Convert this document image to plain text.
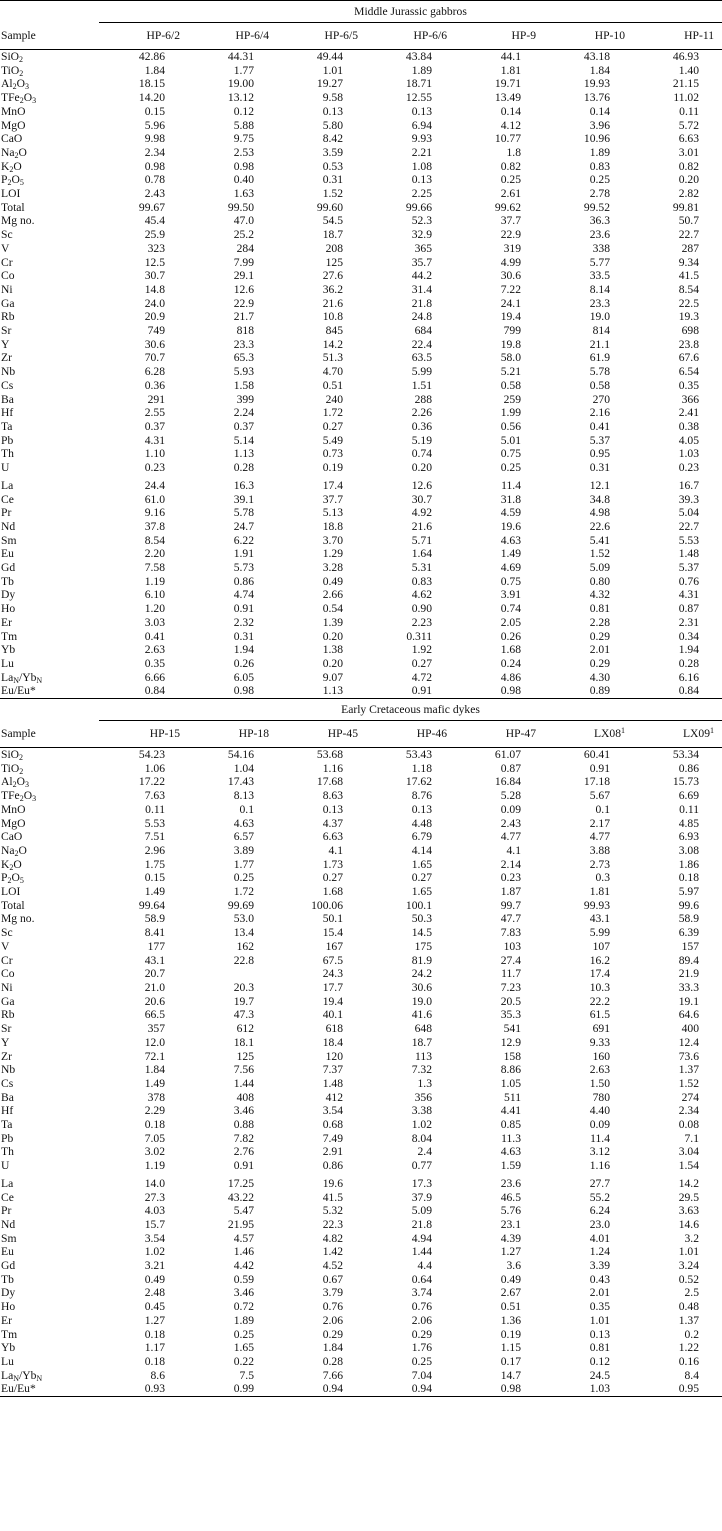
	Middle Jurassic gabbros						
Sample	HP-6/2	HP-6/4	HP-6/5	HP-6/6	HP-9	HP-10	HP-11
SiO$_2$	42.86	44.31	49.44	43.84	44.1	43.18	46.93
TiO$_2$	1.84	1.77	1.01	1.89	1.81	1.84	1.40
$Al_2O_3$	18.15	19.00	19.27	18.71	19.71	19.93	21.15
$TFe_2O_3$	14.20	13.12	9.58	12.55	13.49	13.76	11.02
MnO	0.15	0.12	0.13	0.13	0.14	0.14	0.11
MgO	5.96	5.88	5.80	6.94	4.12	3.96	5.72
CaO	9.98	9.75	8.42	9.93	10.77	10.96	6.63
$Na_2O$	2.34	2.53	3.59	2.21	1.8	1.89	3.01
$K_2O$	0.98	0.98	0.53	1.08	0.82	0.83	0.82
$P_2O_5$	0.78	0.40	0.31	0.13	0.25	0.25	0.20
LOI	2.43	1.63	1.52	2.25	2.61	2.78	2.82
Total	99.67	99.50	99.60	99.66	99.62	99.52	99.81
Mg no.	45.4	47.0	54.5	52.3	37.7	36.3	50.7
Sc	25.9	25.2	18.7	32.9	22.9	23.6	22.7
V	323	284	208	365	319	338	287
Cr	12.5	7.99	125	35.7	4.99	5.77	9.34
Co	30.7	29.1	27.6	44.2	30.6	33.5	41.5
Ni	14.8	12.6	36.2	31.4	7.22	8.14	8.54
Ga	24.0	22.9	21.6	21.8	24.1	23.3	22.5
Rb	20.9	21.7	10.8	24.8	19.4	19.0	19.3
Sr	749	818	845	684	799	814	698
Y	30.6	23.3	14.2	22.4	19.8	21.1	23.8
Zr	70.7	65.3	51.3	63.5	58.0	61.9	67.6
Nb	6.28	5.93	4.70	5.99	5.21	5.78	6.54
Cs	0.36	1.58	0.51	1.51	0.58	0.58	0.35
Ba	291	399	240	288	259	270	366
Hf	2.55	2.24	1.72	2.26	1.99	2.16	2.41
Ta	0.37	0.37	0.27	0.36	0.56	0.41	0.38
Pb	4.31	5.14	5.49	5.19	5.01	5.37	4.05
Th	1.10	1.13	0.73	0.74	0.75	0.95	1.03
U	0.23	0.28	0.19	0.20	0.25	0.31	0.23

La	24.4	16.3	17.4	12.6	11.4	12.1	16.7
Ce	61.0	39.1	37.7	30.7	31.8	34.8	39.3
Pr	9.16	5.78	5.13	4.92	4.59	4.98	5.04
Nd	37.8	24.7	18.8	21.6	19.6	22.6	22.7
Sm	8.54	6.22	3.70	5.71	4.63	5.41	5.53
Eu	2.20	1.91	1.29	1.64	1.49	1.52	1.48
Gd	7.58	5.73	3.28	5.31	4.69	5.09	5.37
Tb	1.19	0.86	0.49	0.83	0.75	0.80	0.76
Dy	6.10	4.74	2.66	4.62	3.91	4.32	4.31
Ho	1.20	0.91	0.54	0.90	0.74	0.81	0.87
Er	3.03	2.32	1.39	2.23	2.05	2.28	2.31
Tm	0.41	0.31	0.20	0.311	0.26	0.29	0.34
Yb	2.63	1.94	1.38	1.92	1.68	2.01	1.94
Lu	0.35	0.26	0.20	0.27	0.24	0.29	0.28
$La_N/Yb_N$	6.66	6.05	9.07	4.72	4.86	4.30	6.16
Eu/Eu*	0.84	0.98	1.13	0.91	0.98	0.89	0.84
	Early Cretaceous mafic dykes						
Sample	HP-15	HP-18	HP-45	HP-46	HP-47	$LX08^1$	$LX09^1$
SiO$_2$	54.23	54.16	53.68	53.43	61.07	60.41	53.34
TiO$_2$	1.06	1.04	1.16	1.18	0.87	0.91	0.86
$Al_2O_3$	17.22	17.43	17.68	17.62	16.84	17.18	15.73
$TFe_2O_3$	7.63	8.13	8.63	8.76	5.28	5.67	6.69
MnO	0.11	0.1	0.13	0.13	0.09	0.1	0.11
MgO	5.53	4.63	4.37	4.48	2.43	2.17	4.85
CaO	7.51	6.57	6.63	6.79	4.77	4.77	6.93
$Na_2O$	2.96	3.89	4.1	4.14	4.1	3.88	3.08
$K_2O$	1.75	1.77	1.73	1.65	2.14	2.73	1.86
$P_2O_5$	0.15	0.25	0.27	0.27	0.23	0.3	0.18
LOI	1.49	1.72	1.68	1.65	1.87	1.81	5.97
Total	99.64	99.69	100.06	100.1	99.7	99.93	99.6
Mg no.	58.9	53.0	50.1	50.3	47.7	43.1	58.9
Sc	8.41	13.4	15.4	14.5	7.83	5.99	6.39
V	177	162	167	175	103	107	157
Cr	43.1	22.8	67.5	81.9	27.4	16.2	89.4
Co	20.7		24.3	24.2	11.7	17.4	21.9
Ni	21.0	20.3	17.7	30.6	7.23	10.3	33.3
Ga	20.6	19.7	19.4	19.0	20.5	22.2	19.1
Rb	66.5	47.3	40.1	41.6	35.3	61.5	64.6
Sr	357	612	618	648	541	691	400
Y	12.0	18.1	18.4	18.7	12.9	9.33	12.4
Zr	72.1	125	120	113	158	160	73.6
Nb	1.84	7.56	7.37	7.32	8.86	2.63	1.37
Cs	1.49	1.44	1.48	1.3	1.05	1.50	1.52
Ba	378	408	412	356	511	780	274
Hf	2.29	3.46	3.54	3.38	4.41	4.40	2.34
Ta	0.18	0.88	0.68	1.02	0.85	0.09	0.08
Pb	7.05	7.82	7.49	8.04	11.3	11.4	7.1
Th	3.02	2.76	2.91	2.4	4.63	3.12	3.04
U	1.19	0.91	0.86	0.77	1.59	1.16	1.54

La	14.0	17.25	19.6	17.3	23.6	27.7	14.2
Ce	27.3	43.22	41.5	37.9	46.5	55.2	29.5
Pr	4.03	5.47	5.32	5.09	5.76	6.24	3.63
Nd	15.7	21.95	22.3	21.8	23.1	23.0	14.6
Sm	3.54	4.57	4.82	4.94	4.39	4.01	3.2
Eu	1.02	1.46	1.42	1.44	1.27	1.24	1.01
Gd	3.21	4.42	4.52	4.4	3.6	3.39	3.24
Tb	0.49	0.59	0.67	0.64	0.49	0.43	0.52
Dy	2.48	3.46	3.79	3.74	2.67	2.01	2.5
Ho	0.45	0.72	0.76	0.76	0.51	0.35	0.48
Er	1.27	1.89	2.06	2.06	1.36	1.01	1.37
Tm	0.18	0.25	0.29	0.29	0.19	0.13	0.2
Yb	1.17	1.65	1.84	1.76	1.15	0.81	1.22
Lu	0.18	0.22	0.28	0.25	0.17	0.12	0.16
$La_N/Yb_N$	8.6	7.5	7.66	7.04	14.7	24.5	8.4
Eu/Eu*	0.93	0.99	0.94	0.94	0.98	1.03	0.95
